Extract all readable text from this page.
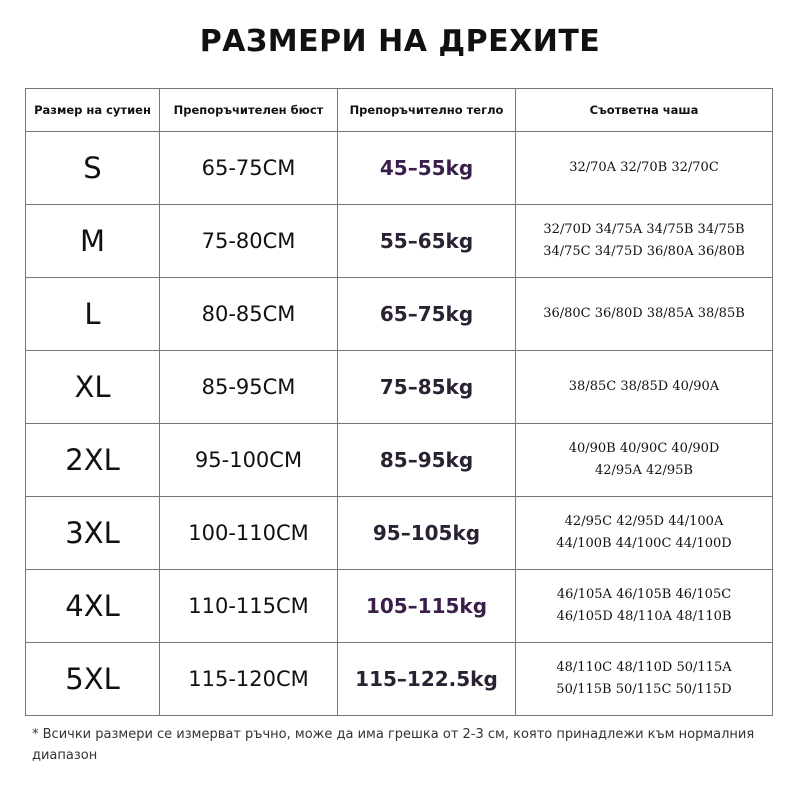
РАЗМЕРИ НА ДРЕХИТЕ
Размер на сутиен	Препоръчителен бюст	Препоръчително тегло	Съответна чаша
S	65-75CM	45–55kg	32/70A 32/70B 32/70C
M	75-80CM	55–65kg	32/70D 34/75A 34/75B 34/75B
34/75C 34/75D 36/80A 36/80B
L	80-85CM	65–75kg	36/80C 36/80D 38/85A 38/85B
XL	85-95CM	75–85kg	38/85C 38/85D 40/90A
2XL	95-100CM	85–95kg	40/90B 40/90C 40/90D
42/95A 42/95B
3XL	100-110CM	95–105kg	42/95C 42/95D 44/100A
44/100B 44/100C 44/100D
4XL	110-115CM	105–115kg	46/105A 46/105B 46/105C
46/105D 48/110A 48/110B
5XL	115-120CM	115–122.5kg	48/110C 48/110D 50/115A
50/115B 50/115C 50/115D

* Всички размери се измерват ръчно, може да има грешка от 2-3 см, която принадлежи към нормалния диапазон
